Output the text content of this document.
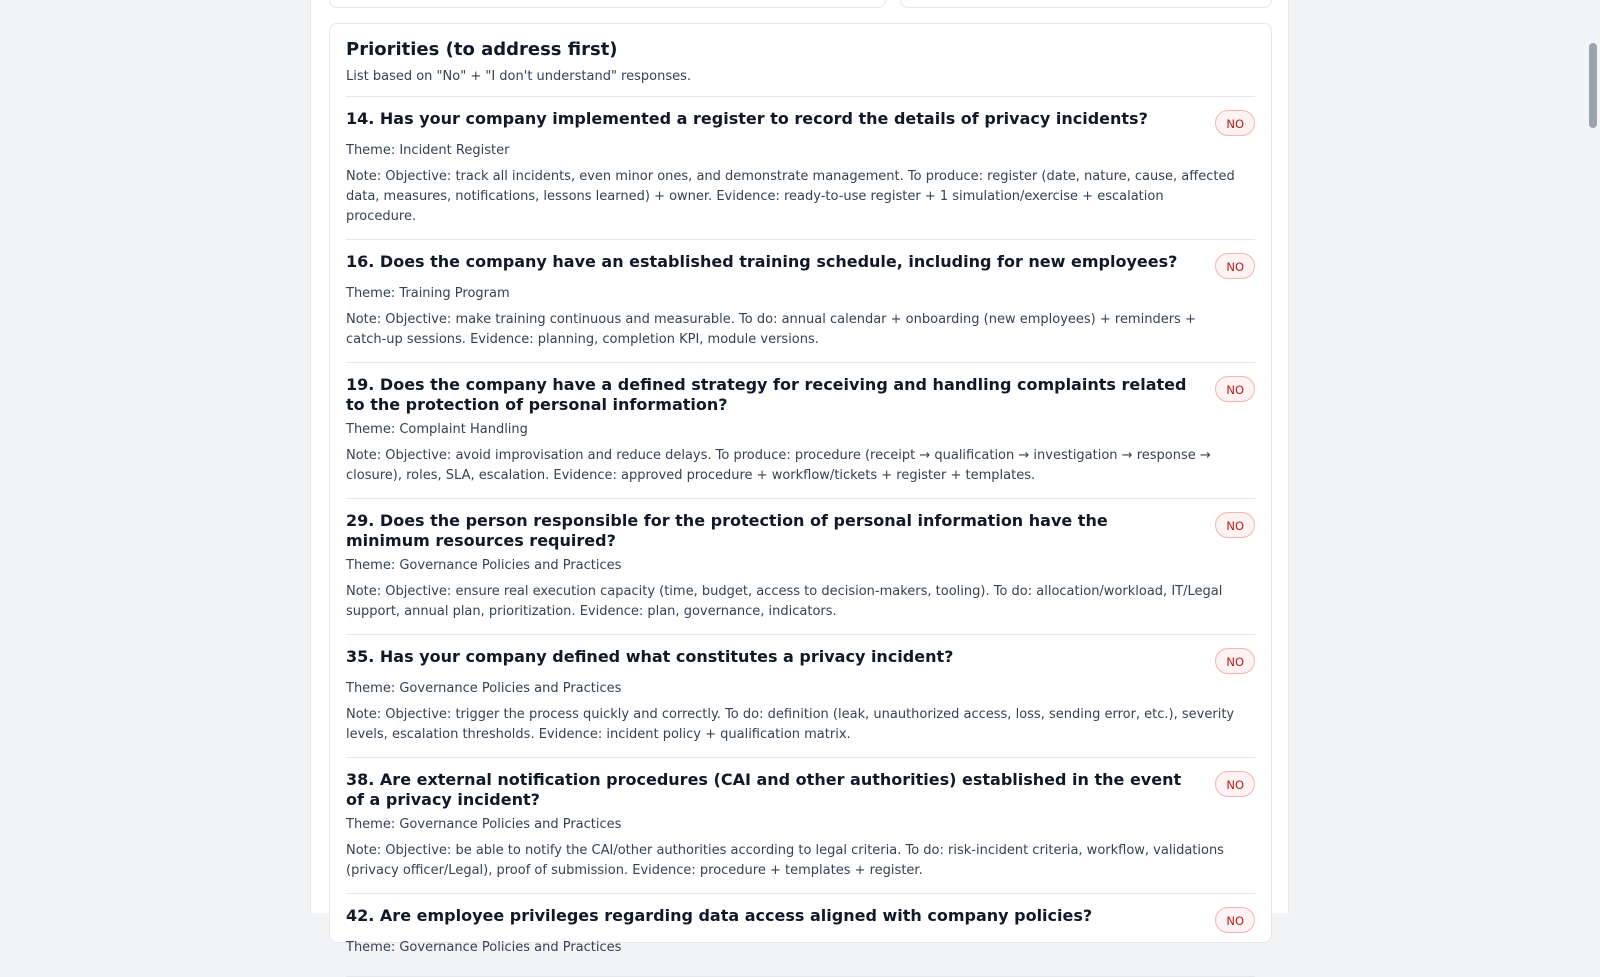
Priorities (to address first)
List based on "No" + "I don't understand" responses.
14. Has your company implemented a register to record the details of privacy incidents?	NO
Theme: Incident Register
Note: Objective: track all incidents, even minor ones, and demonstrate management. To produce: register (date, nature, cause, affected data, measures, notifications, lessons learned) + owner. Evidence: ready-to-use register + 1 simulation/exercise + escalation procedure.
16. Does the company have an established training schedule, including for new employees?	NO
Theme: Training Program
Note: Objective: make training continuous and measurable. To do: annual calendar + onboarding (new employees) + reminders + catch-up sessions. Evidence: planning, completion KPI, module versions.
19. Does the company have a defined strategy for receiving and handling complaints related to the protection of personal information?
NO
Theme: Complaint Handling
Note: Objective: avoid improvisation and reduce delays. To produce: procedure (receipt → qualification → investigation → response → closure), roles, SLA, escalation. Evidence: approved procedure + workflow/tickets + register + templates.
29. Does the person responsible for the protection of personal information have the minimum resources required?
NO
Theme: Governance Policies and Practices
Note: Objective: ensure real execution capacity (time, budget, access to decision-makers, tooling). To do: allocation/workload, IT/Legal support, annual plan, prioritization. Evidence: plan, governance, indicators.
35. Has your company defined what constitutes a privacy incident?	NO
Theme: Governance Policies and Practices
Note: Objective: trigger the process quickly and correctly. To do: definition (leak, unauthorized access, loss, sending error, etc.), severity levels, escalation thresholds. Evidence: incident policy + qualification matrix.
38. Are external notification procedures (CAI and other authorities) established in the event of a privacy incident?
NO
Theme: Governance Policies and Practices
Note: Objective: be able to notify the CAI/other authorities according to legal criteria. To do: risk-incident criteria, workflow, validations (privacy officer/Legal), proof of submission. Evidence: procedure + templates + register.
42. Are employee privileges regarding data access aligned with company policies?	NO
Theme: Governance Policies and Practices
